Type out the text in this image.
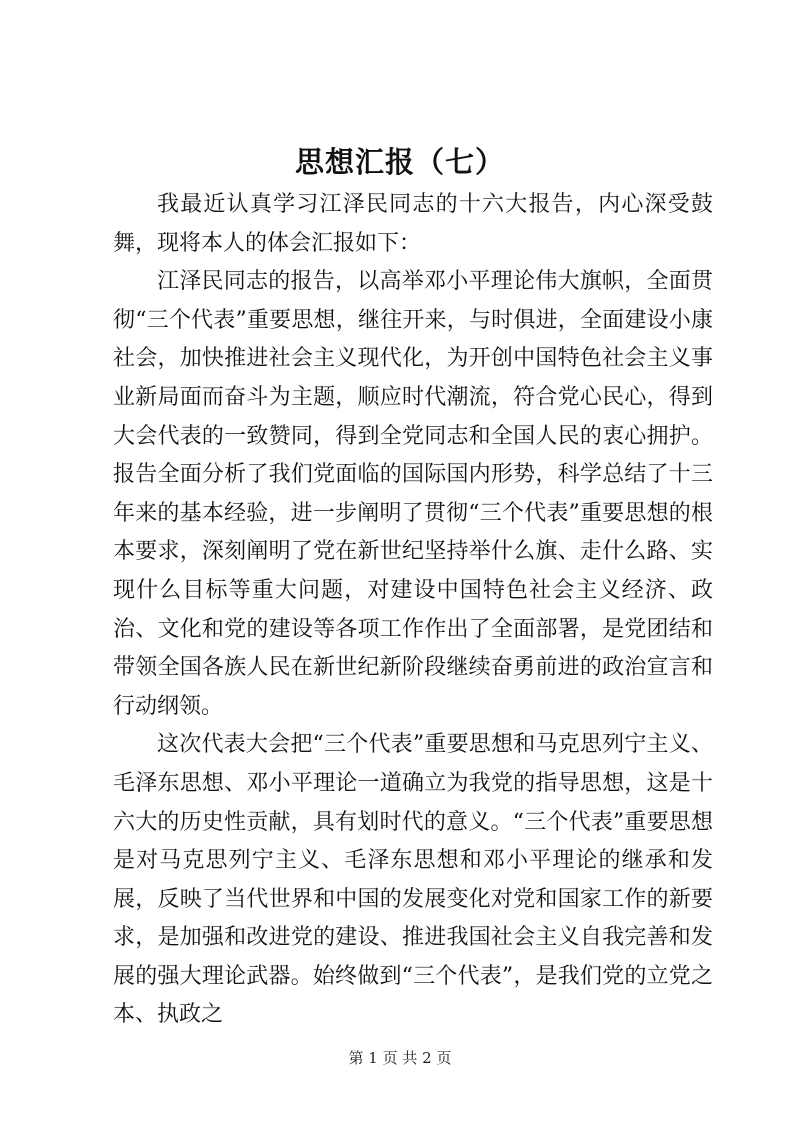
思想汇报（七）

我最近认真学习江泽民同志的十六大报告，内心深受鼓舞，现将本人的体会汇报如下：

江泽民同志的报告，以高举邓小平理论伟大旗帜，全面贯彻“三个代表”重要思想，继往开来，与时俱进，全面建设小康社会，加快推进社会主义现代化，为开创中国特色社会主义事业新局面而奋斗为主题，顺应时代潮流，符合党心民心，得到大会代表的一致赞同，得到全党同志和全国人民的衷心拥护。报告全面分析了我们党面临的国际国内形势，科学总结了十三年来的基本经验，进一步阐明了贯彻“三个代表”重要思想的根本要求，深刻阐明了党在新世纪坚持举什么旗、走什么路、实现什么目标等重大问题，对建设中国特色社会主义经济、政治、文化和党的建设等各项工作作出了全面部署，是党团结和带领全国各族人民在新世纪新阶段继续奋勇前进的政治宣言和行动纲领。

这次代表大会把“三个代表”重要思想和马克思列宁主义、毛泽东思想、邓小平理论一道确立为我党的指导思想，这是十六大的历史性贡献，具有划时代的意义。“三个代表”重要思想是对马克思列宁主义、毛泽东思想和邓小平理论的继承和发展，反映了当代世界和中国的发展变化对党和国家工作的新要求，是加强和改进党的建设、推进我国社会主义自我完善和发展的强大理论武器。始终做到“三个代表”，是我们党的立党之本、执政之

第 1 页 共 2 页
